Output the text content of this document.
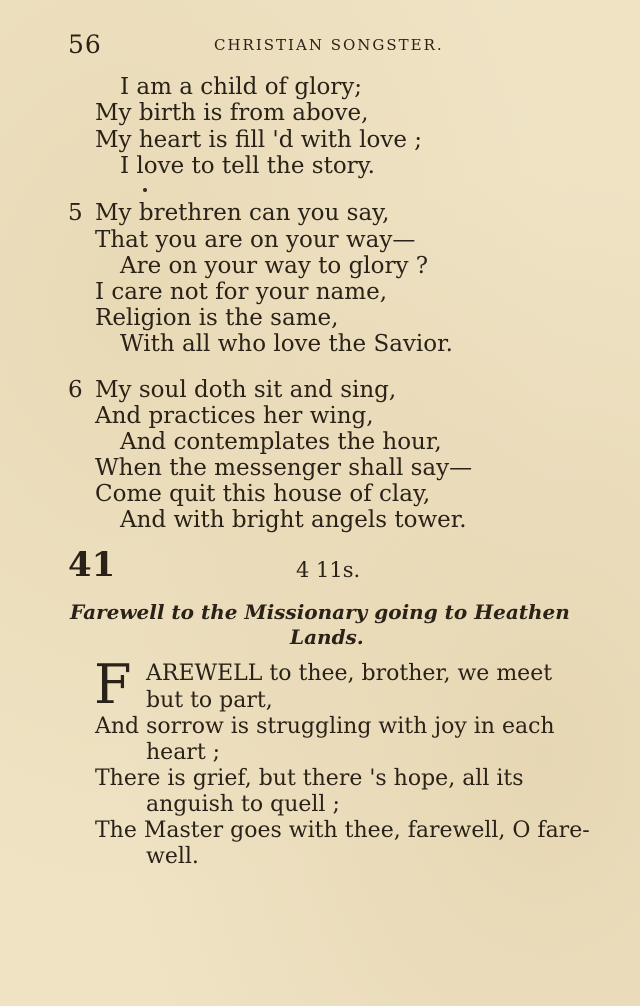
56	CHRISTIAN SONGSTER.
I am a child of glory;
My birth is from above,
My heart is fill 'd with love ;
I love to tell the story.
5 My brethren can you say,
That you are on your way—
Are on your way to glory ?
I care not for your name,
Religion is the same,
With all who love the Savior.
6 My soul doth sit and sing,
And practices her wing,
And contemplates the hour,
When the messenger shall say—
Come quit this house of clay,
And with bright angels tower.
41	4 11s.
Farewell to the Missionary going to Heathen
Lands.
F AREWELL to thee, brother, we meet
but to part,
And sorrow is struggling with joy in each
heart ;
There is grief, but there 's hope, all its
anguish to quell ;
The Master goes with thee, farewell, O fare-
well.
